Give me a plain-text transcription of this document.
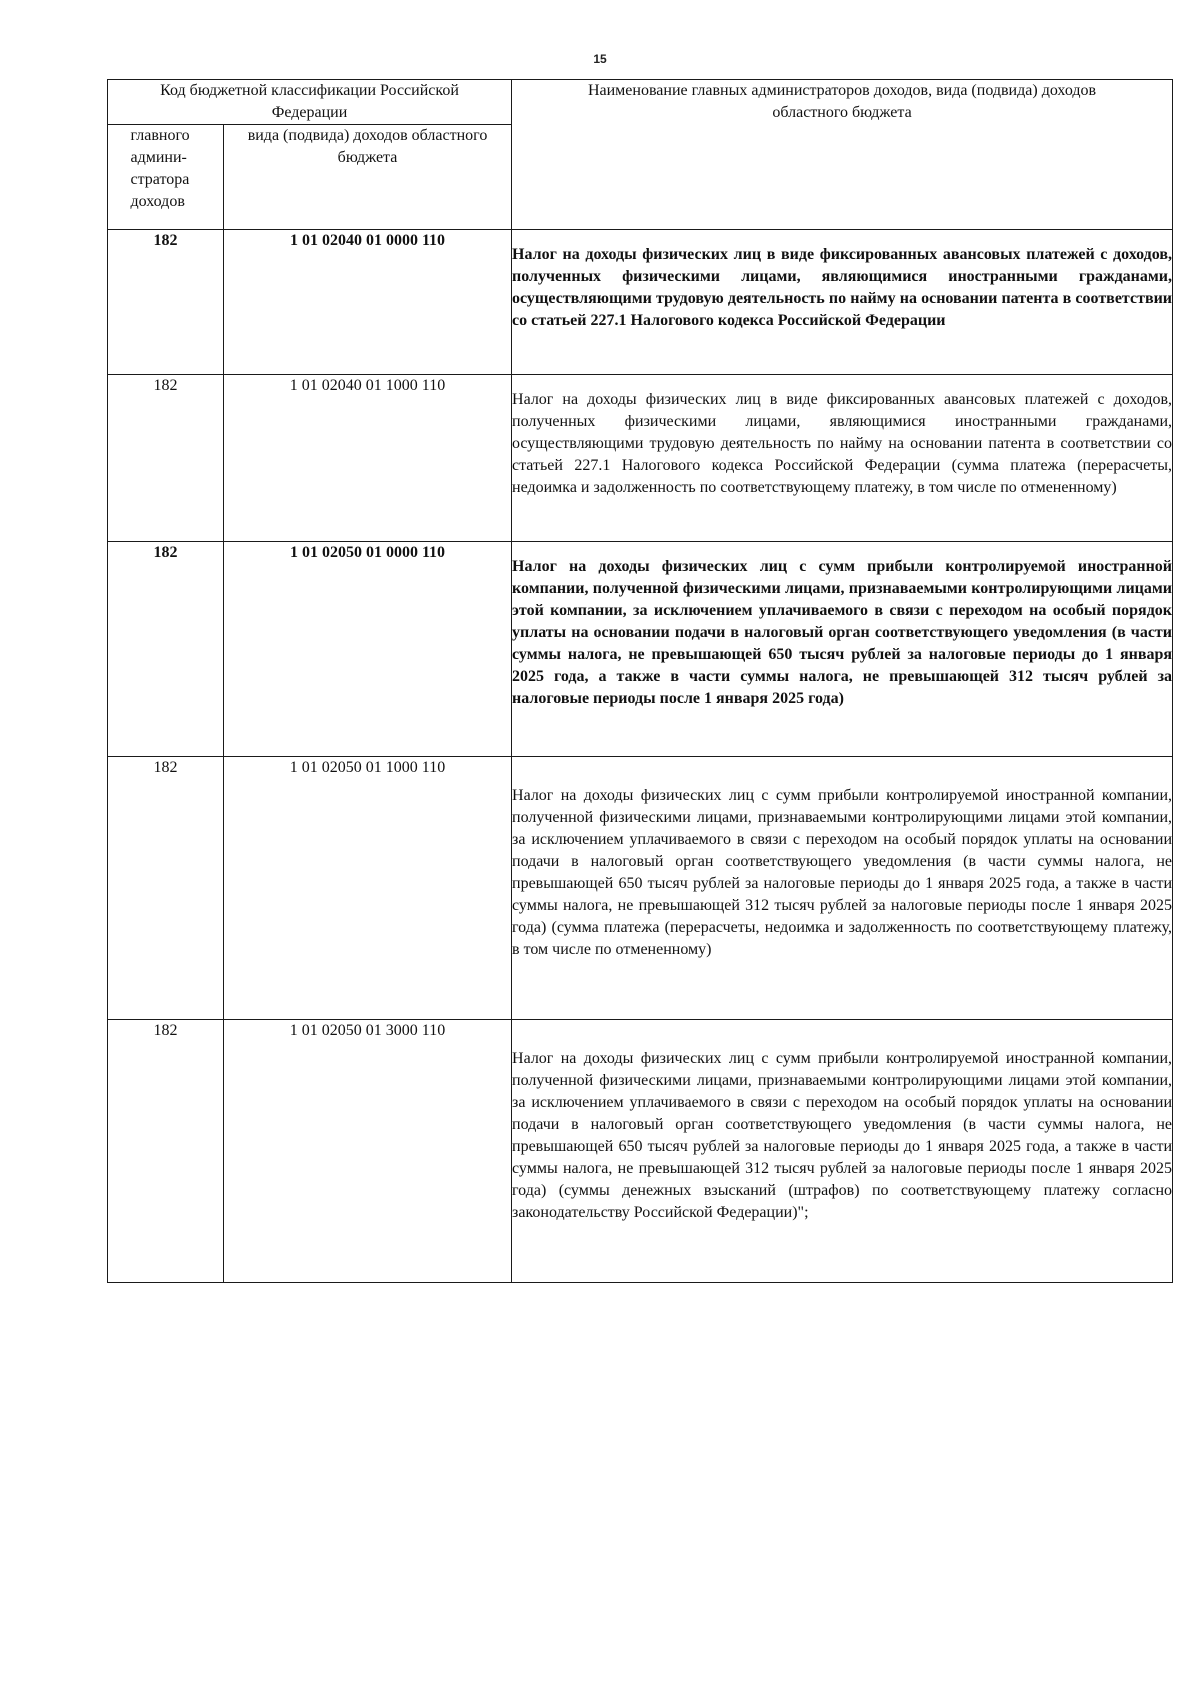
15
Код бюджетной классификации Российской Федерации		Наименование главных администраторов доходов, вида (подвида) доходов областного бюджета

главного админи-стратора доходов	вида (подвида) доходов областного бюджета	

182	1 01 02040 01 0000 110	Налог на доходы физических лиц в виде фиксированных авансовых платежей с доходов, полученных физическими лицами, являющимися иностранными гражданами, осуществляющими трудовую деятельность по найму на основании патента в соответствии со статьей 227.1 Налогового кодекса Российской Федерации

182	1 01 02040 01 1000 110	Налог на доходы физических лиц в виде фиксированных авансовых платежей с доходов, полученных физическими лицами, являющимися иностранными гражданами, осуществляющими трудовую деятельность по найму на основании патента в соответствии со статьей 227.1 Налогового кодекса Российской Федерации (сумма платежа (перерасчеты, недоимка и задолженность по соответствующему платежу, в том числе по отмененному)

182	1 01 02050 01 0000 110	Налог на доходы физических лиц с сумм прибыли контролируемой иностранной компании, полученной физическими лицами, признаваемыми контролирующими лицами этой компании, за исключением уплачиваемого в связи с переходом на особый порядок уплаты на основании подачи в налоговый орган соответствующего уведомления (в части суммы налога, не превышающей 650 тысяч рублей за налоговые периоды до 1 января 2025 года, а также в части суммы налога, не превышающей 312 тысяч рублей за налоговые периоды после 1 января 2025 года)

182	1 01 02050 01 1000 110	Налог на доходы физических лиц с сумм прибыли контролируемой иностранной компании, полученной физическими лицами, признаваемыми контролирующими лицами этой компании, за исключением уплачиваемого в связи с переходом на особый порядок уплаты на основании подачи в налоговый орган соответствующего уведомления (в части суммы налога, не превышающей 650 тысяч рублей за налоговые периоды до 1 января 2025 года, а также в части суммы налога, не превышающей 312 тысяч рублей за налоговые периоды после 1 января 2025 года) (сумма платежа (перерасчеты, недоимка и задолженность по соответствующему платежу, в том числе по отмененному)

182	1 01 02050 01 3000 110	Налог на доходы физических лиц с сумм прибыли контролируемой иностранной компании, полученной физическими лицами, признаваемыми контролирующими лицами этой компании, за исключением уплачиваемого в связи с переходом на особый порядок уплаты на основании подачи в налоговый орган соответствующего уведомления (в части суммы налога, не превышающей 650 тысяч рублей за налоговые периоды до 1 января 2025 года, а также в части суммы налога, не превышающей 312 тысяч рублей за налоговые периоды после 1 января 2025 года) (суммы денежных взысканий (штрафов) по соответствующему платежу согласно законодательству Российской Федерации)";
